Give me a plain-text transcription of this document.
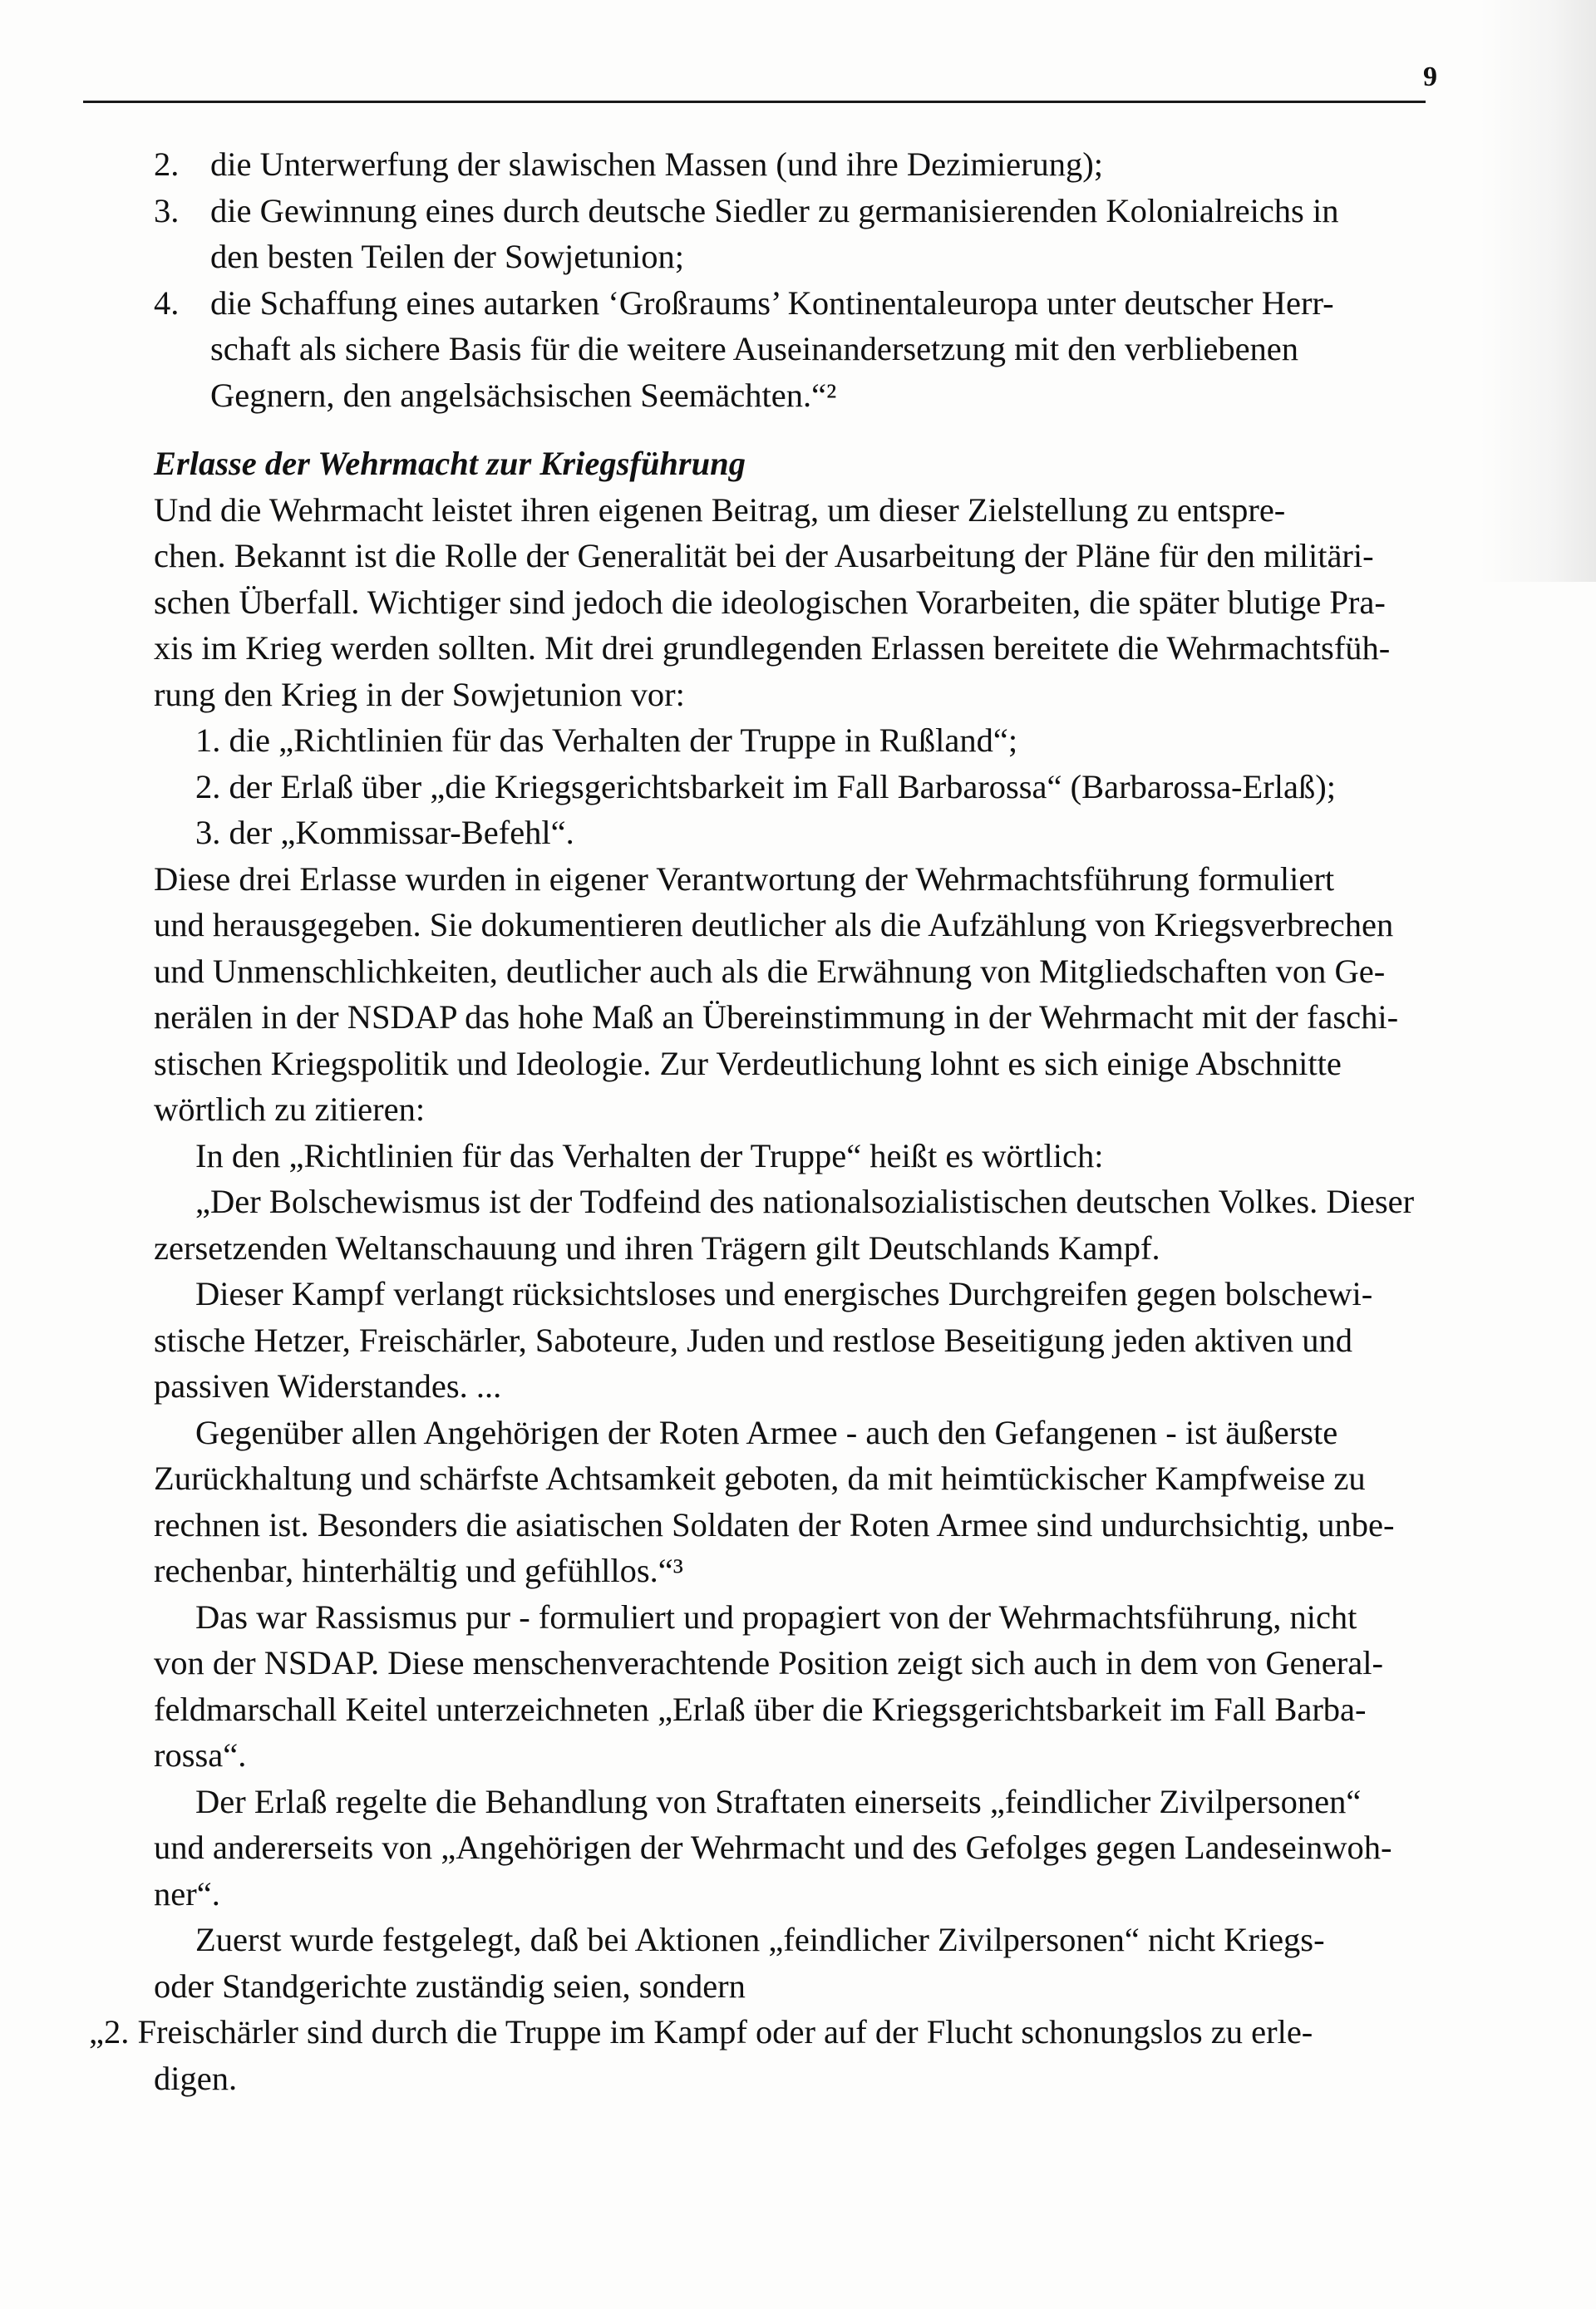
9
2. die Unterwerfung der slawischen Massen (und ihre Dezimierung);
3. die Gewinnung eines durch deutsche Siedler zu germanisierenden Kolonialreichs in
den besten Teilen der Sowjetunion;
4. die Schaffung eines autarken ‘Großraums’ Kontinentaleuropa unter deutscher Herr-
schaft als sichere Basis für die weitere Auseinandersetzung mit den verbliebenen
Gegnern, den angelsächsischen Seemächten.“²
Erlasse der Wehrmacht zur Kriegsführung
Und die Wehrmacht leistet ihren eigenen Beitrag, um dieser Zielstellung zu entspre-
chen. Bekannt ist die Rolle der Generalität bei der Ausarbeitung der Pläne für den militäri-
schen Überfall. Wichtiger sind jedoch die ideologischen Vorarbeiten, die später blutige Pra-
xis im Krieg werden sollten. Mit drei grundlegenden Erlassen bereitete die Wehrmachtsfüh-
rung den Krieg in der Sowjetunion vor:
1. die „Richtlinien für das Verhalten der Truppe in Rußland“;
2. der Erlaß über „die Kriegsgerichtsbarkeit im Fall Barbarossa“ (Barbarossa-Erlaß);
3. der „Kommissar-Befehl“.
Diese drei Erlasse wurden in eigener Verantwortung der Wehrmachtsführung formuliert
und herausgegeben. Sie dokumentieren deutlicher als die Aufzählung von Kriegsverbrechen
und Unmenschlichkeiten, deutlicher auch als die Erwähnung von Mitgliedschaften von Ge-
nerälen in der NSDAP das hohe Maß an Übereinstimmung in der Wehrmacht mit der faschi-
stischen Kriegspolitik und Ideologie. Zur Verdeutlichung lohnt es sich einige Abschnitte
wörtlich zu zitieren:
In den „Richtlinien für das Verhalten der Truppe“ heißt es wörtlich:
„Der Bolschewismus ist der Todfeind des nationalsozialistischen deutschen Volkes. Dieser
zersetzenden Weltanschauung und ihren Trägern gilt Deutschlands Kampf.
Dieser Kampf verlangt rücksichtsloses und energisches Durchgreifen gegen bolschewi-
stische Hetzer, Freischärler, Saboteure, Juden und restlose Beseitigung jeden aktiven und
passiven Widerstandes. ...
Gegenüber allen Angehörigen der Roten Armee - auch den Gefangenen - ist äußerste
Zurückhaltung und schärfste Achtsamkeit geboten, da mit heimtückischer Kampfweise zu
rechnen ist. Besonders die asiatischen Soldaten der Roten Armee sind undurchsichtig, unbe-
rechenbar, hinterhältig und gefühllos.“³
Das war Rassismus pur - formuliert und propagiert von der Wehrmachtsführung, nicht
von der NSDAP. Diese menschenverachtende Position zeigt sich auch in dem von General-
feldmarschall Keitel unterzeichneten „Erlaß über die Kriegsgerichtsbarkeit im Fall Barba-
rossa“.
Der Erlaß regelte die Behandlung von Straftaten einerseits „feindlicher Zivilpersonen“
und andererseits von „Angehörigen der Wehrmacht und des Gefolges gegen Landeseinwoh-
ner“.
Zuerst wurde festgelegt, daß bei Aktionen „feindlicher Zivilpersonen“ nicht Kriegs-
oder Standgerichte zuständig seien, sondern
„2. Freischärler sind durch die Truppe im Kampf oder auf der Flucht schonungslos zu erle-
digen.
